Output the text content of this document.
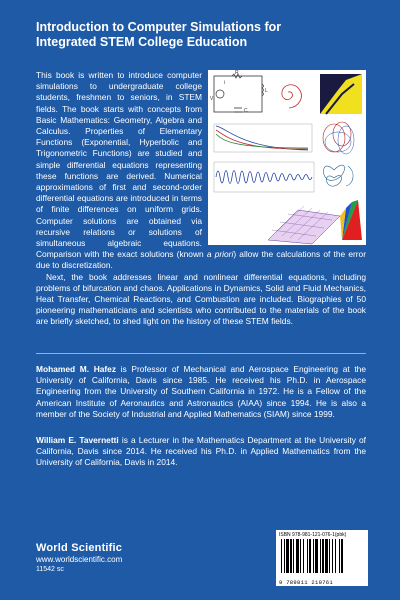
Introduction to Computer Simulations for
Integrated STEM College Education
R
V
L
C
i

This book is written to introduce computer simulations to undergraduate college students, freshmen to seniors, in STEM fields. The book starts with concepts from Basic Mathematics: Geometry, Algebra and Calculus. Properties of Elementary Functions (Exponential, Hyperbolic and Trigonometric Functions) are studied and simple differential equations representing these functions are derived. Numerical approximations of first and second-order differential equations are introduced in terms of finite differences on uniform grids. Computer solutions are obtained via recursive relations or solutions of simultaneous algebraic equations. Comparison with the exact solutions (known a priori) allow the calculations of the error due to discretization.

Next, the book addresses linear and nonlinear differential equations, including problems of bifurcation and chaos. Applications in Dynamics, Solid and Fluid Mechanics, Heat Transfer, Chemical Reactions, and Combustion are included. Biographies of 50 pioneering mathematicians and scientists who contributed to the materials of the book are briefly sketched, to shed light on the history of these STEM fields.

Mohamed M. Hafez is Professor of Mechanical and Aerospace Engineering at the University of California, Davis since 1985. He received his Ph.D. in Aerospace Engineering from the University of Southern California in 1972. He is a Fellow of the American Institute of Aeronautics and Astronautics (AIAA) since 1994. He is also a member of the Society of Industrial and Applied Mathematics (SIAM) since 1999.
William E. Tavernetti is a Lecturer in the Mathematics Department at the University of California, Davis since 2014. He received his Ph.D. in Applied Mathematics from the University of California, Davis in 2014.
World Scientific
www.worldscientific.com
11542 sc
ISBN 978-981-121-076-1(pbk)
9 789811 210761
